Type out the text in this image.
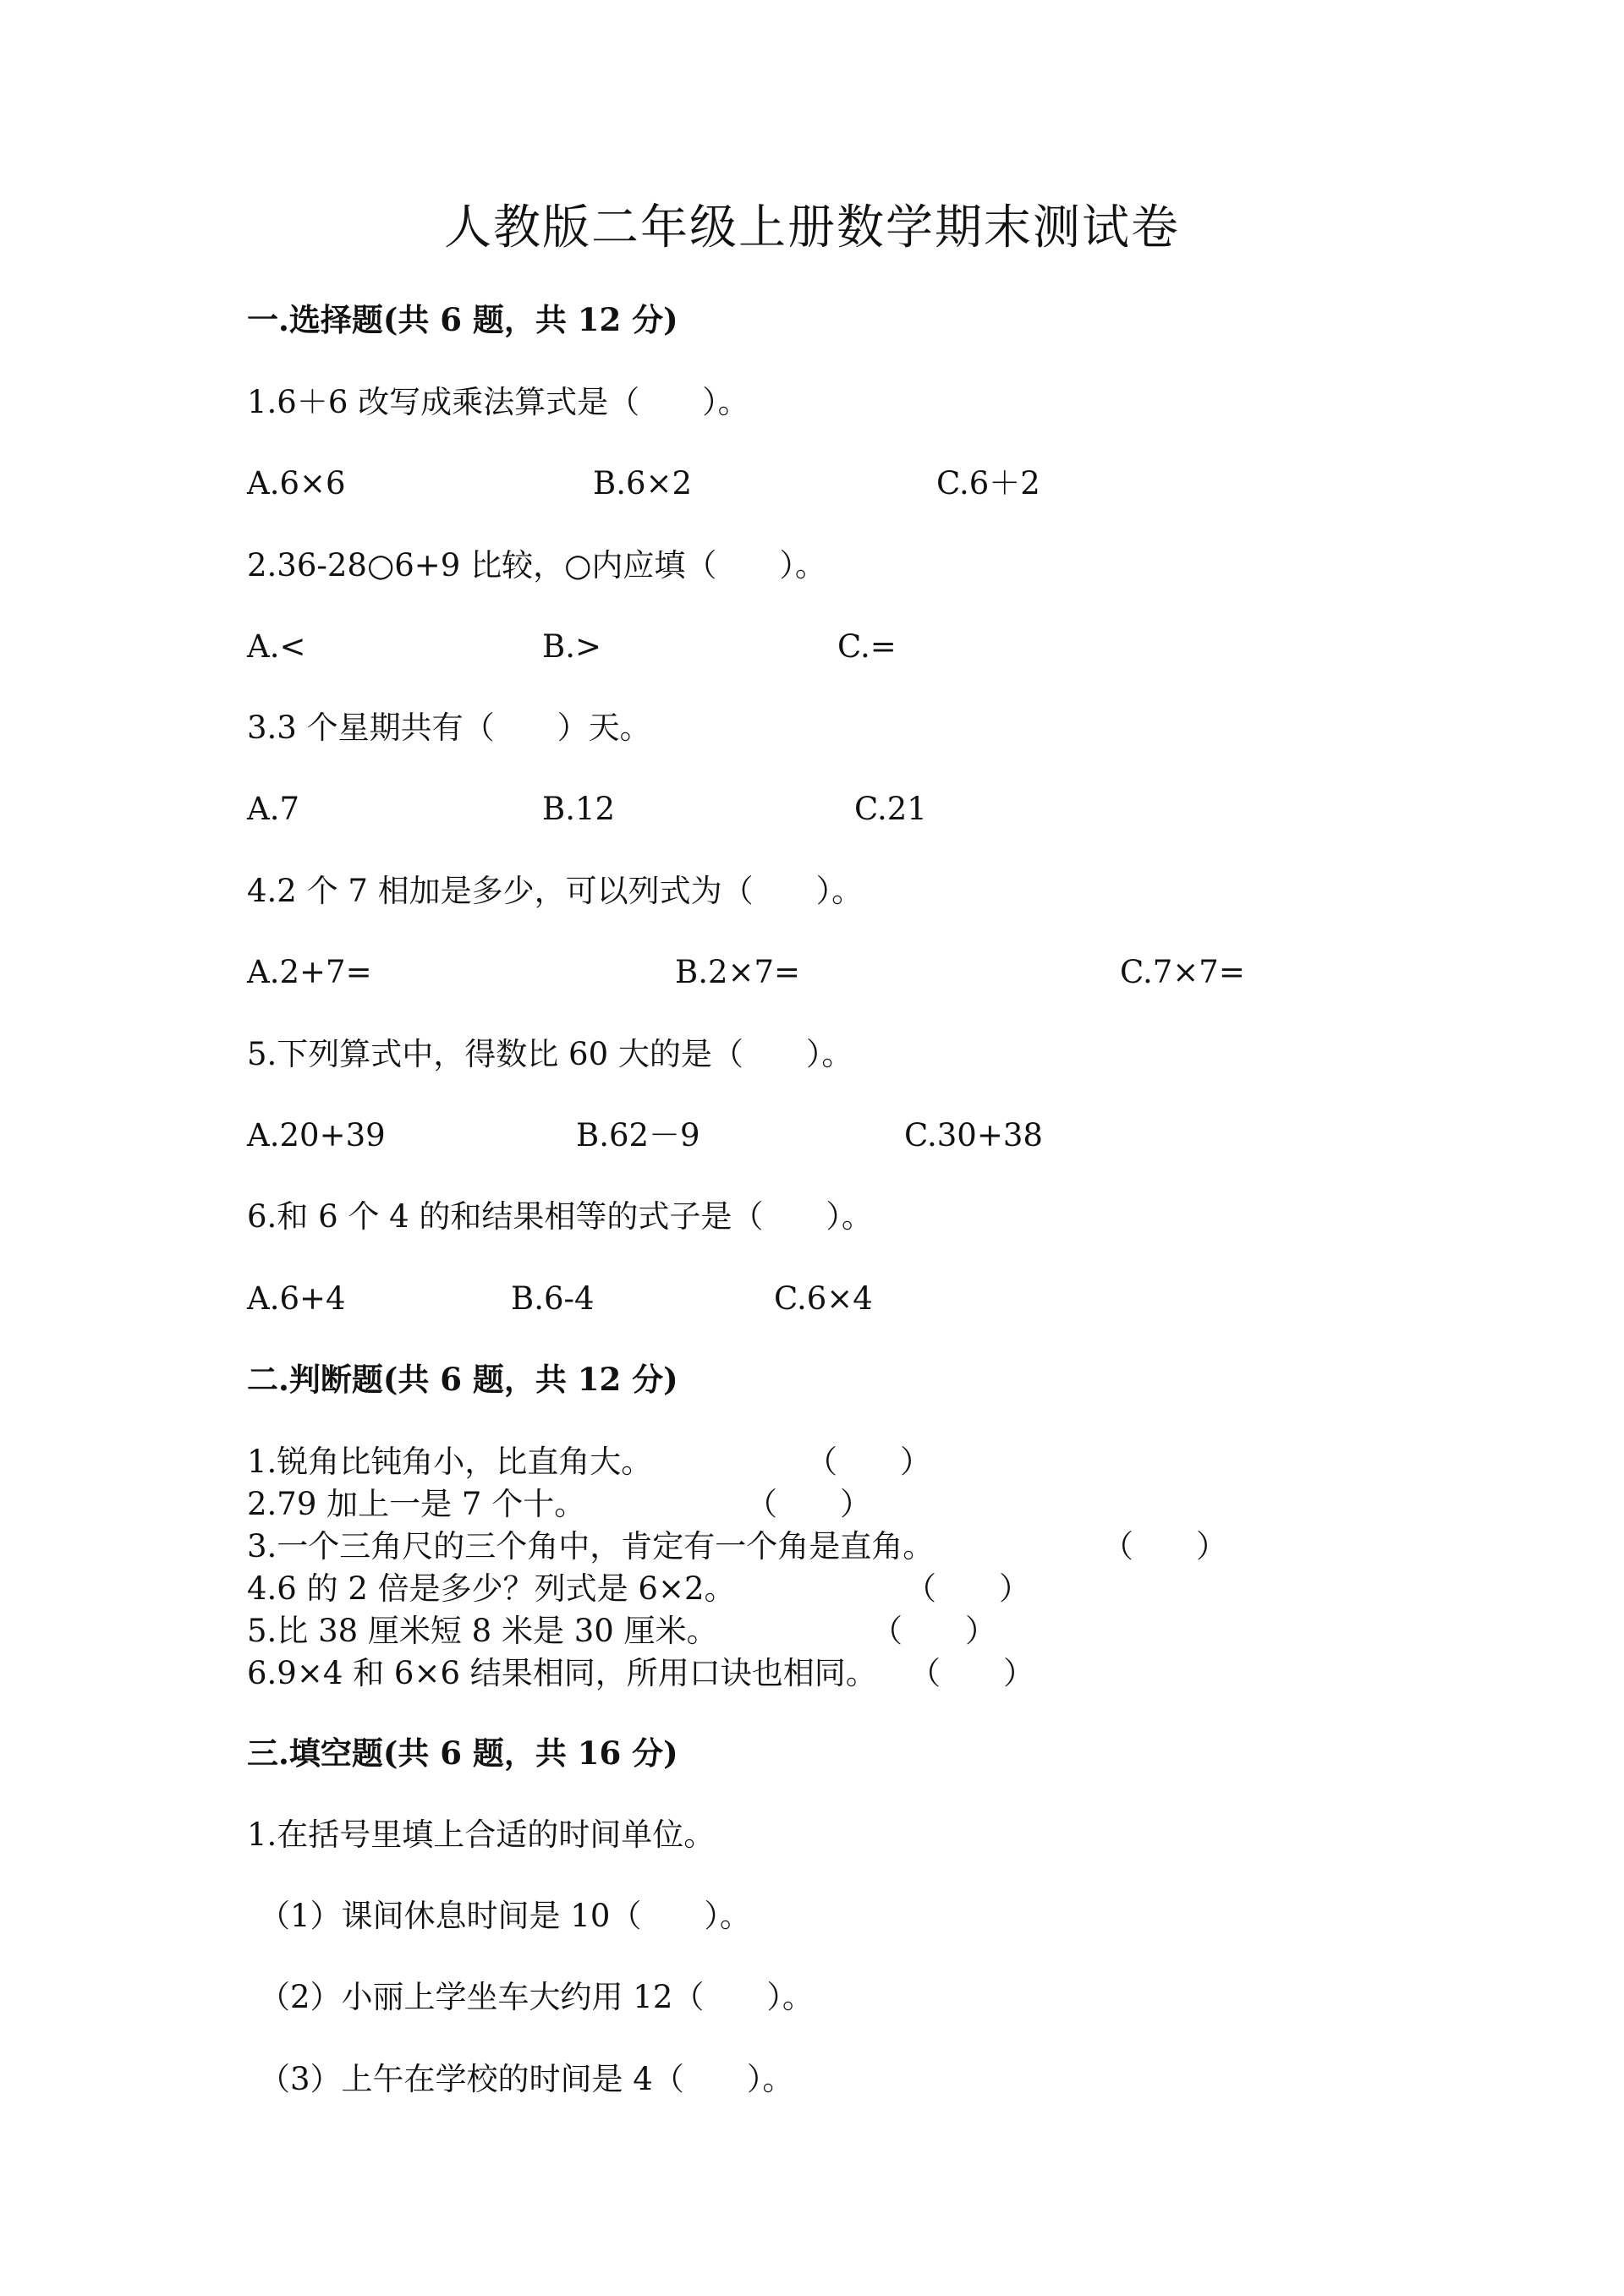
人教版二年级上册数学期末测试卷
一.选择题(共 6 题，共 12 分)
1.6＋6 改写成乘法算式是（　　）。
A.6×6	B.6×2	C.6＋2
2.36-28○6+9 比较，○内应填（　　）。
A.<	B.>	C.=
3.3 个星期共有（　　）天。
A.7	B.12	C.21
4.2 个 7 相加是多少，可以列式为（　　）。
A.2+7=	B.2×7=	C.7×7=
5.下列算式中，得数比 60 大的是（　　）。
A.20+39	B.62－9	C.30+38
6.和 6 个 4 的和结果相等的式子是（　　）。
A.6+4	B.6-4	C.6×4
二.判断题(共 6 题，共 12 分)
1.锐角比钝角小，比直角大。	（　　）
2.79 加上一是 7 个十。	（　　）
3.一个三角尺的三个角中，肯定有一个角是直角。	（　　）
4.6 的 2 倍是多少？列式是 6×2。	（　　）
5.比 38 厘米短 8 米是 30 厘米。	（　　）
6.9×4 和 6×6 结果相同，所用口诀也相同。 （　　）
三.填空题(共 6 题，共 16 分)
1.在括号里填上合适的时间单位。
（1）课间休息时间是 10（　　）。
（2）小丽上学坐车大约用 12（　　）。
（3）上午在学校的时间是 4（　　）。
